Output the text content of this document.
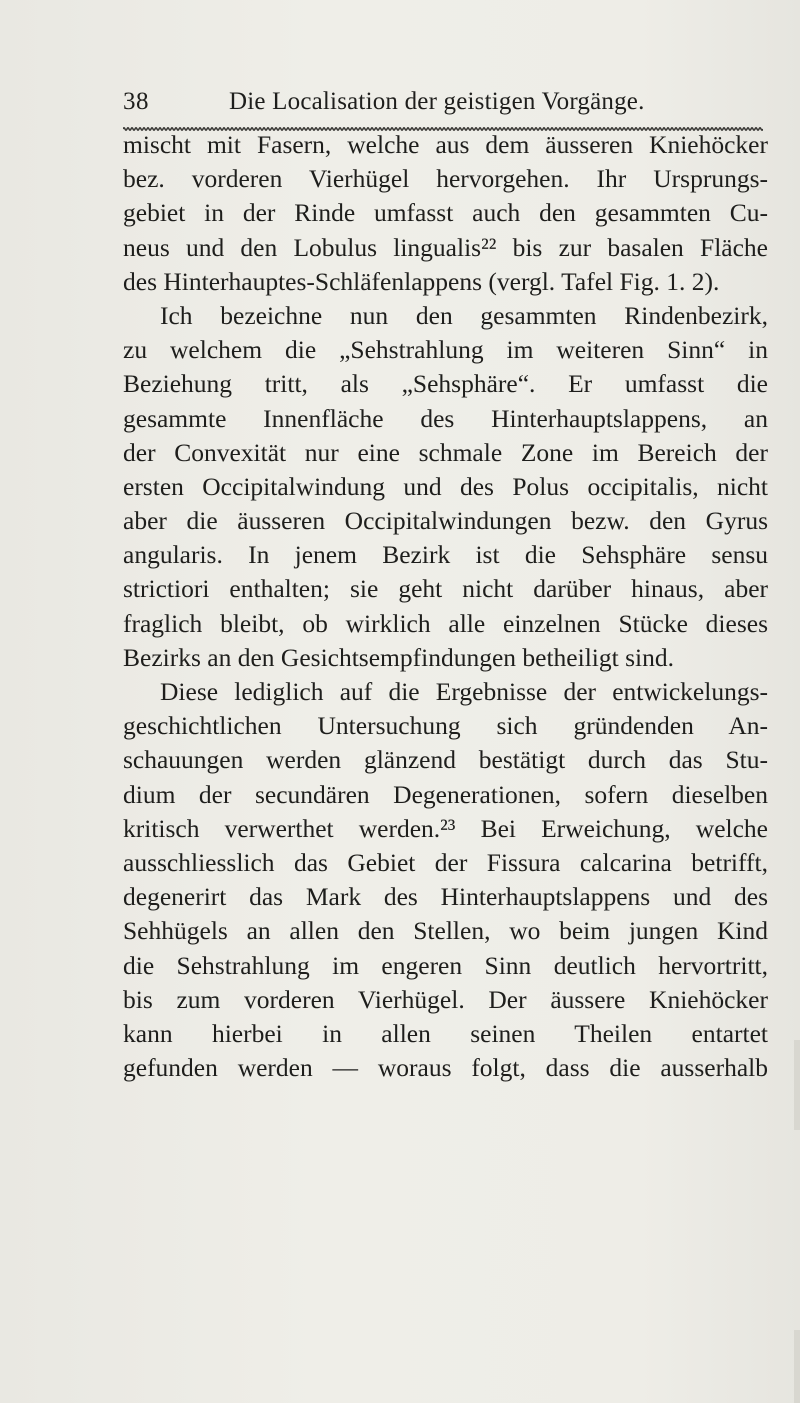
38	Die Localisation der geistigen Vorgänge.
mischt mit Fasern, welche aus dem äusseren Kniehöcker
bez. vorderen Vierhügel hervorgehen. Ihr Ursprungs-
gebiet in der Rinde umfasst auch den gesammten Cu-
neus und den Lobulus lingualis²² bis zur basalen Fläche
des Hinterhauptes-Schläfenlappens (vergl. Tafel Fig. 1. 2).
Ich bezeichne nun den gesammten Rindenbezirk,
zu welchem die „Sehstrahlung im weiteren Sinn“ in
Beziehung tritt, als „Sehsphäre“. Er umfasst die
gesammte Innenfläche des Hinterhauptslappens, an
der Convexität nur eine schmale Zone im Bereich der
ersten Occipitalwindung und des Polus occipitalis, nicht
aber die äusseren Occipitalwindungen bezw. den Gyrus
angularis. In jenem Bezirk ist die Sehsphäre sensu
strictiori enthalten; sie geht nicht darüber hinaus, aber
fraglich bleibt, ob wirklich alle einzelnen Stücke dieses
Bezirks an den Gesichtsempfindungen betheiligt sind.
Diese lediglich auf die Ergebnisse der entwickelungs-
geschichtlichen Untersuchung sich gründenden An-
schauungen werden glänzend bestätigt durch das Stu-
dium der secundären Degenerationen, sofern dieselben
kritisch verwerthet werden.²³ Bei Erweichung, welche
ausschliesslich das Gebiet der Fissura calcarina betrifft,
degenerirt das Mark des Hinterhauptslappens und des
Sehhügels an allen den Stellen, wo beim jungen Kind
die Sehstrahlung im engeren Sinn deutlich hervortritt,
bis zum vorderen Vierhügel. Der äussere Kniehöcker
kann hierbei in allen seinen Theilen entartet
gefunden werden — woraus folgt, dass die ausserhalb
